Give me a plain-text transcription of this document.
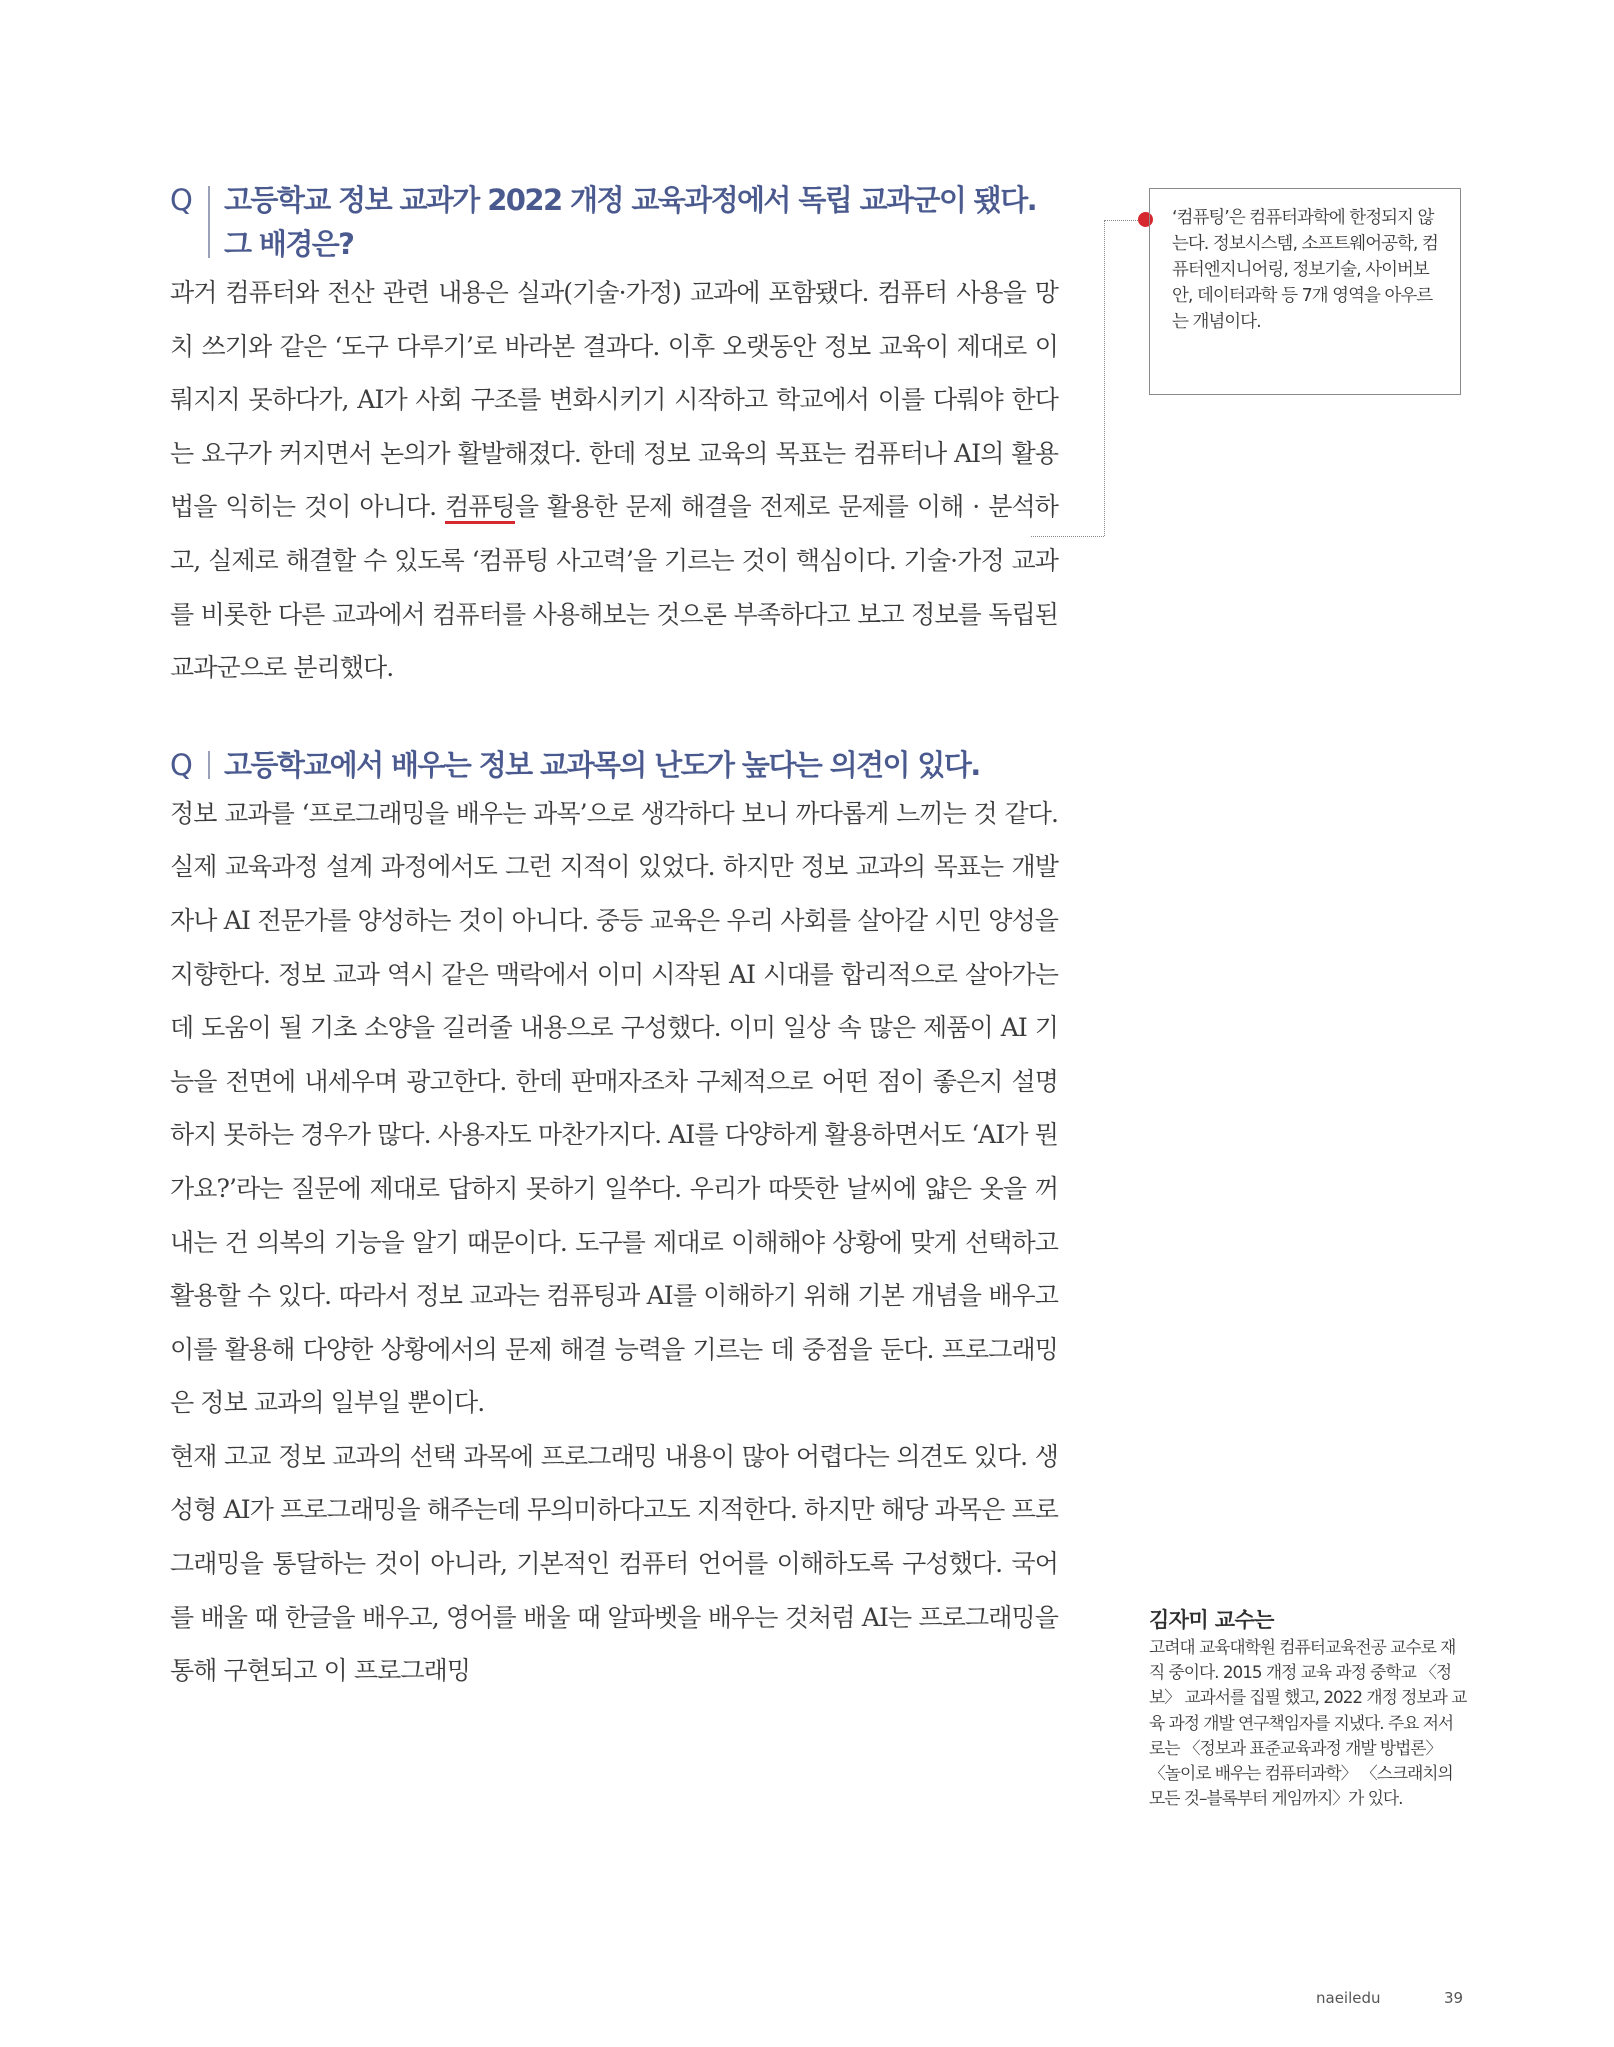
Q	고등학교 정보 교과가 2022 개정 교육과정에서 독립 교과군이 됐다. 그 배경은?

과거 컴퓨터와 전산 관련 내용은 실과(기술·가정) 교과에 포함됐다. 컴퓨터 사용을 망치 쓰기와 같은 ‘도구 다루기’로 바라본 결과다. 이후 오랫동안 정보 교육이 제대로 이뤄지지 못하다가, AI가 사회 구조를 변화시키기 시작하고 학교에서 이를 다뤄야 한다는 요구가 커지면서 논의가 활발해졌다. 한데 정보 교육의 목표는 컴퓨터나 AI의 활용법을 익히는 것이 아니다. 컴퓨팅을 활용한 문제 해결을 전제로 문제를 이해 · 분석하고, 실제로 해결할 수 있도록 ‘컴퓨팅 사고력’을 기르는 것이 핵심이다. 기술·가정 교과를 비롯한 다른 교과에서 컴퓨터를 사용해보는 것으론 부족하다고 보고 정보를 독립된 교과군으로 분리했다.

Q	고등학교에서 배우는 정보 교과목의 난도가 높다는 의견이 있다.

정보 교과를 ‘프로그래밍을 배우는 과목’으로 생각하다 보니 까다롭게 느끼는 것 같다. 실제 교육과정 설계 과정에서도 그런 지적이 있었다. 하지만 정보 교과의 목표는 개발자나 AI 전문가를 양성하는 것이 아니다. 중등 교육은 우리 사회를 살아갈 시민 양성을 지향한다. 정보 교과 역시 같은 맥락에서 이미 시작된 AI 시대를 합리적으로 살아가는 데 도움이 될 기초 소양을 길러줄 내용으로 구성했다. 이미 일상 속 많은 제품이 AI 기능을 전면에 내세우며 광고한다. 한데 판매자조차 구체적으로 어떤 점이 좋은지 설명하지 못하는 경우가 많다. 사용자도 마찬가지다. AI를 다양하게 활용하면서도 ‘AI가 뭔가요?’라는 질문에 제대로 답하지 못하기 일쑤다. 우리가 따뜻한 날씨에 얇은 옷을 꺼내는 건 의복의 기능을 알기 때문이다. 도구를 제대로 이해해야 상황에 맞게 선택하고 활용할 수 있다. 따라서 정보 교과는 컴퓨팅과 AI를 이해하기 위해 기본 개념을 배우고 이를 활용해 다양한 상황에서의 문제 해결 능력을 기르는 데 중점을 둔다. 프로그래밍은 정보 교과의 일부일 뿐이다.

현재 고교 정보 교과의 선택 과목에 프로그래밍 내용이 많아 어렵다는 의견도 있다. 생성형 AI가 프로그래밍을 해주는데 무의미하다고도 지적한다. 하지만 해당 과목은 프로그래밍을 통달하는 것이 아니라, 기본적인 컴퓨터 언어를 이해하도록 구성했다. 국어를 배울 때 한글을 배우고, 영어를 배울 때 알파벳을 배우는 것처럼 AI는 프로그래밍을 통해 구현되고 이 프로그래밍

‘컴퓨팅’은 컴퓨터과학에 한정되지 않는다. 정보시스템, 소프트웨어공학, 컴퓨터엔지니어링, 정보기술, 사이버보안, 데이터과학 등 7개 영역을 아우르는 개념이다.
김자미 교수는
고려대 교육대학원 컴퓨터교육전공 교수로 재직 중이다. 2015 개정 교육 과정 중학교 〈정보〉 교과서를 집필 했고, 2022 개정 정보과 교육 과정 개발 연구책임자를 지냈다. 주요 저서 로는 〈정보과 표준교육과정 개발 방법론〉 〈놀이로 배우는 컴퓨터과학〉 〈스크래치의 모든 것–블록부터 게임까지〉가 있다.
naeiledu	39
